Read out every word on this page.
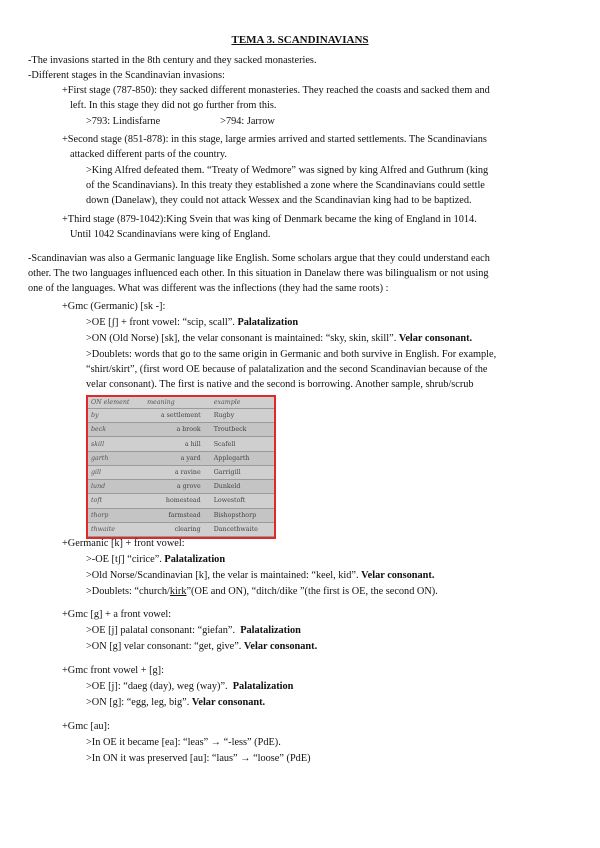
TEMA 3. SCANDINAVIANS
-The invasions started in the 8th century and they sacked monasteries.
-Different stages in the Scandinavian invasions:
+First stage (787-850): they sacked different monasteries. They reached the coasts and sacked them and
left. In this stage they did not go further from this.
>793: Lindisfarne	>794: Jarrow
+Second stage (851-878): in this stage, large armies arrived and started settlements. The Scandinavians
attacked different parts of the country.
>King Alfred defeated them. “Treaty of Wedmore” was signed by king Alfred and Guthrum (king
of the Scandinavians). In this treaty they established a zone where the Scandinavians could settle
down (Danelaw), they could not attack Wessex and the Scandinavian king had to be baptized.
+Third stage (879-1042):King Svein that was king of Denmark became the king of England in 1014.
Until 1042 Scandinavians were king of England.
-Scandinavian was also a Germanic language like English. Some scholars argue that they could understand each
other. The two languages influenced each other. In this situation in Danelaw there was bilingualism or not using
one of the languages. What was different was the inflections (they had the same roots) :
+Gmc (Germanic) [sk -]:
>OE [ʃ] + front vowel: “scip, scall”. Palatalization
>ON (Old Norse) [sk], the velar consonant is maintained: “sky, skin, skill”. Velar consonant.
>Doublets: words that go to the same origin in Germanic and both survive in English. For example,
“shirt/skirt”, (first word OE because of palatalization and the second Scandinavian because of the
velar consonant). The first is native and the second is borrowing. Another sample, shrub/scrub
ON element	meaning	example
by	a settlement	Rugby
beck	a brook	Troutbeck
skill	a hill	Scafell
garth	a yard	Applegarth
gill	a ravine	Garrigill
lund	a grove	Dunkeld
toft	homestead	Lowestoft
thorp	farmstead	Bishopsthorp
thwaite	clearing	Dancethwaite
+Germanic [k] + front vowel:
>-OE [tʃ] “cirice”. Palatalization
>Old Norse/Scandinavian [k], the velar is maintained: “keel, kid”. Velar consonant.
>Doublets: “church/kirk”(OE and ON), “ditch/dike ”(the first is OE, the second ON).
+Gmc [g] + a front vowel:
>OE [j] palatal consonant: “giefan”. Palatalization
>ON [g] velar consonant: “get, give”. Velar consonant.
+Gmc front vowel + [g]:
>OE [j]: “daeg (day), weg (way)”. Palatalization
>ON [g]: “egg, leg, big”. Velar consonant.
+Gmc [au]:
>In OE it became [ea]: “leas” → “-less” (PdE).
>In ON it was preserved [au]: “laus” → “loose” (PdE)
